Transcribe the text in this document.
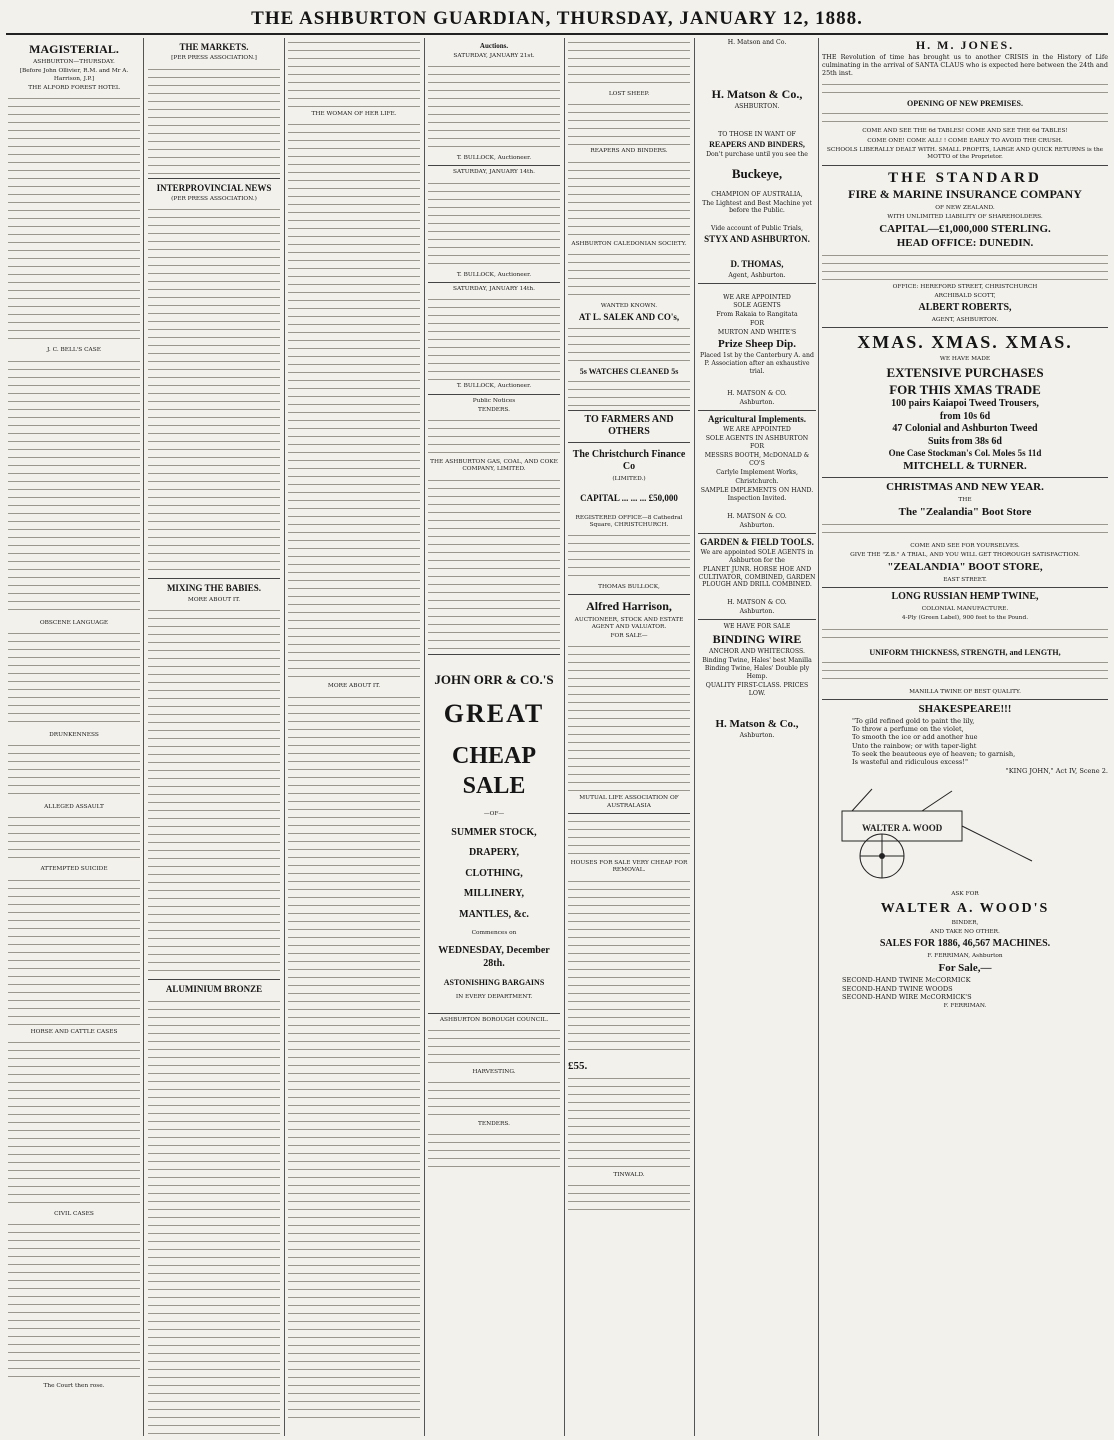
THE ASHBURTON GUARDIAN, THURSDAY, JANUARY 12, 1888.
MAGISTERIAL.
ASHBURTON—THURSDAY.
[Before John Ollivier, R.M. and Mr A. Harrison, J.P.]
THE ALFORD FOREST HOTEL
J. C. BELL'S CASE
OBSCENE LANGUAGE
DRUNKENNESS
ALLEGED ASSAULT
ATTEMPTED SUICIDE
HORSE AND CATTLE CASES
CIVIL CASES
The Court then rose.
THE MARKETS.
[PER PRESS ASSOCIATION.]
INTERPROVINCIAL NEWS
(PER PRESS ASSOCIATION.)
MIXING THE BABIES.
MORE ABOUT IT.
ALUMINIUM BRONZE
THE WOMAN OF HER LIFE.
MORE ABOUT IT.
Auctions.
SATURDAY, JANUARY 21st.
T. BULLOCK, Auctioneer.
SATURDAY, JANUARY 14th.
T. BULLOCK, Auctioneer.
SATURDAY, JANUARY 14th.
T. BULLOCK, Auctioneer.
Public Notices
TENDERS.
THE ASHBURTON GAS, COAL, AND COKE COMPANY, LIMITED.
JOHN ORR & CO.'S
GREAT
CHEAP SALE
—OF—
SUMMER STOCK,
DRAPERY,
CLOTHING,
MILLINERY,
MANTLES, &c.
Commences on
WEDNESDAY, December 28th.
ASTONISHING BARGAINS
IN EVERY DEPARTMENT.
ASHBURTON BOROUGH COUNCIL.
HARVESTING.
TENDERS.
LOST SHEEP.
REAPERS AND BINDERS.
ASHBURTON CALEDONIAN SOCIETY.
WANTED KNOWN.
AT L. SALEK AND CO's,
5s WATCHES CLEANED 5s
TO FARMERS AND OTHERS
The Christchurch Finance Co
(LIMITED.)
CAPITAL ... ... ... £50,000
REGISTERED OFFICE—8 Cathedral Square, CHRISTCHURCH.
THOMAS BULLOCK,
Alfred Harrison,
AUCTIONEER, STOCK AND ESTATE AGENT AND VALUATOR.
FOR SALE—
MUTUAL LIFE ASSOCIATION OF AUSTRALASIA
HOUSES FOR SALE VERY CHEAP FOR REMOVAL.
£55.
TINWALD.
H. M. JONES.
THE Revolution of time has brought us to another CRISIS in the History of Life culminating in the arrival of SANTA CLAUS who is expected here between the 24th and 25th inst.
OPENING OF NEW PREMISES.
COME AND SEE THE 6d TABLES! COME AND SEE THE 6d TABLES!
COME ONE! COME ALL! ! COME EARLY TO AVOID THE CRUSH.
SCHOOLS LIBERALLY DEALT WITH. SMALL PROFITS, LARGE AND QUICK RETURNS is the MOTTO of the Proprietor.
THE STANDARD
FIRE & MARINE INSURANCE COMPANY
OF NEW ZEALAND.
WITH UNLIMITED LIABILITY OF SHAREHOLDERS.
CAPITAL—£1,000,000 STERLING.
HEAD OFFICE: DUNEDIN.
OFFICE: HEREFORD STREET, CHRISTCHURCH
ARCHIBALD SCOTT,
ALBERT ROBERTS,
AGENT, ASHBURTON.
XMAS. XMAS. XMAS.
WE HAVE MADE
EXTENSIVE PURCHASES
FOR THIS XMAS TRADE
100 pairs Kaiapoi Tweed Trousers,
from 10s 6d
47 Colonial and Ashburton Tweed
Suits from 38s 6d
One Case Stockman's Col. Moles 5s 11d
MITCHELL & TURNER.
CHRISTMAS AND NEW YEAR.
THE
The "Zealandia" Boot Store
COME AND SEE FOR YOURSELVES.
GIVE THE "Z.B." A TRIAL, AND YOU WILL GET THOROUGH SATISFACTION.
"ZEALANDIA" BOOT STORE,
EAST STREET.
LONG RUSSIAN HEMP TWINE,
COLONIAL MANUFACTURE.
4-Ply (Green Label), 900 feet to the Pound.
UNIFORM THICKNESS, STRENGTH, and LENGTH,
MANILLA TWINE OF BEST QUALITY.
SHAKESPEARE!!!
"To gild refined gold to paint the lily,
To throw a perfume on the violet,
To smooth the ice or add another hue
Unto the rainbow; or with taper-light
To seek the beauteous eye of heaven; to garnish,
Is wasteful and ridiculous excess!"
"KING JOHN," Act IV, Scene 2.
WALTER A. WOOD
ASK FOR
WALTER A. WOOD'S
BINDER,
AND TAKE NO OTHER.
SALES FOR 1886, 46,567 MACHINES.
F. FERRIMAN, Ashburton
For Sale,—
SECOND-HAND TWINE McCORMICK
SECOND-HAND TWINE WOODS
SECOND-HAND WIRE McCORMICK'S
F. FERRIMAN.
H. Matson and Co.
H. Matson & Co.,
ASHBURTON.
TO THOSE IN WANT OF
REAPERS AND BINDERS,
Don't purchase until you see the
Buckeye,
CHAMPION OF AUSTRALIA,
The Lightest and Best Machine yet before the Public.
Vide account of Public Trials,
STYX AND ASHBURTON.
D. THOMAS,
Agent, Ashburton.
WE ARE APPOINTED
SOLE AGENTS
From Rakaia to Rangitata
FOR
MURTON AND WHITE'S
Prize Sheep Dip.
Placed 1st by the Canterbury A. and P. Association after an exhaustive trial.
H. MATSON & CO.
Ashburton.
Agricultural Implements.
WE ARE APPOINTED
SOLE AGENTS IN ASHBURTON
FOR
MESSRS BOOTH, McDONALD & CO'S
Carlyle Implement Works,
Christchurch.
SAMPLE IMPLEMENTS ON HAND.
Inspection Invited.
H. MATSON & CO.
Ashburton.
GARDEN & FIELD TOOLS.
We are appointed SOLE AGENTS in Ashburton for the
PLANET JUNR. HORSE HOE AND CULTIVATOR, COMBINED, GARDEN PLOUGH AND DRILL COMBINED.
H. MATSON & CO.
Ashburton.
WE HAVE FOR SALE
BINDING WIRE
ANCHOR AND WHITECROSS.
Binding Twine, Hales' best Manilla
Binding Twine, Hales' Double ply Hemp.
QUALITY FIRST-CLASS. PRICES LOW.
H. Matson & Co.,
Ashburton.
